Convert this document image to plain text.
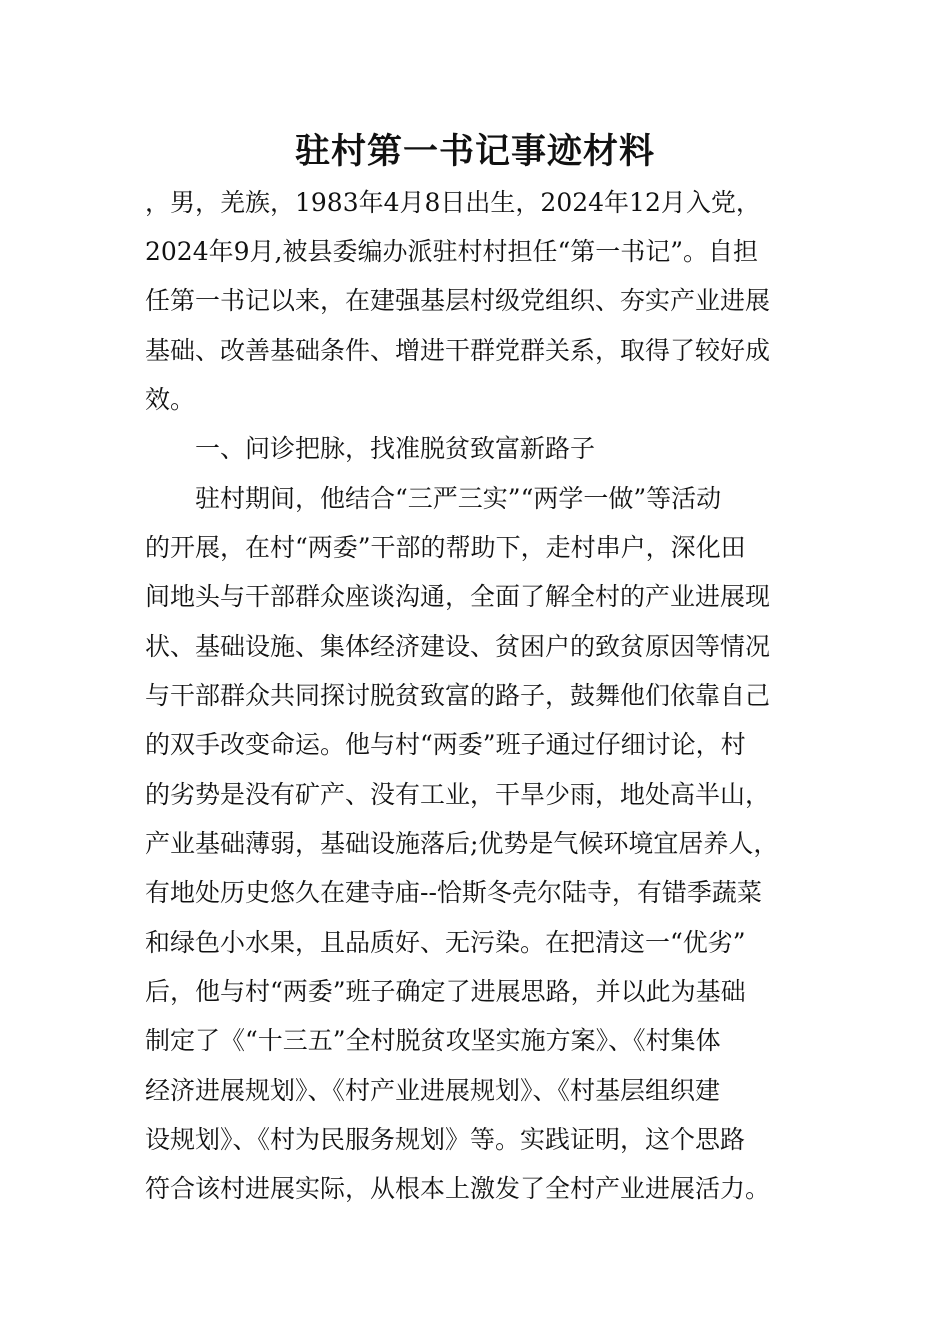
驻村第一书记事迹材料
，男，羌族，1983年4月8日出生，2024年12月入党，
2024年9月,被县委编办派驻村村担任“第一书记”。自担
任第一书记以来，在建强基层村级党组织、夯实产业进展
基础、改善基础条件、增进干群党群关系，取得了较好成
效。
一、问诊把脉，找准脱贫致富新路子
驻村期间，他结合“三严三实”“两学一做”等活动
的开展，在村“两委”干部的帮助下，走村串户，深化田
间地头与干部群众座谈沟通，全面了解全村的产业进展现
状、基础设施、集体经济建设、贫困户的致贫原因等情况
与干部群众共同探讨脱贫致富的路子，鼓舞他们依靠自己
的双手改变命运。他与村“两委”班子通过仔细讨论，村
的劣势是没有矿产、没有工业，干旱少雨，地处高半山，
产业基础薄弱，基础设施落后;优势是气候环境宜居养人，
有地处历史悠久在建寺庙--恰斯冬壳尔陆寺，有错季蔬菜
和绿色小水果，且品质好、无污染。在把清这一“优劣”
后，他与村“两委”班子确定了进展思路，并以此为基础
制定了《“十三五”全村脱贫攻坚实施方案》、《村集体
经济进展规划》、《村产业进展规划》、《村基层组织建
设规划》、《村为民服务规划》等。实践证明，这个思路
符合该村进展实际，从根本上激发了全村产业进展活力。
